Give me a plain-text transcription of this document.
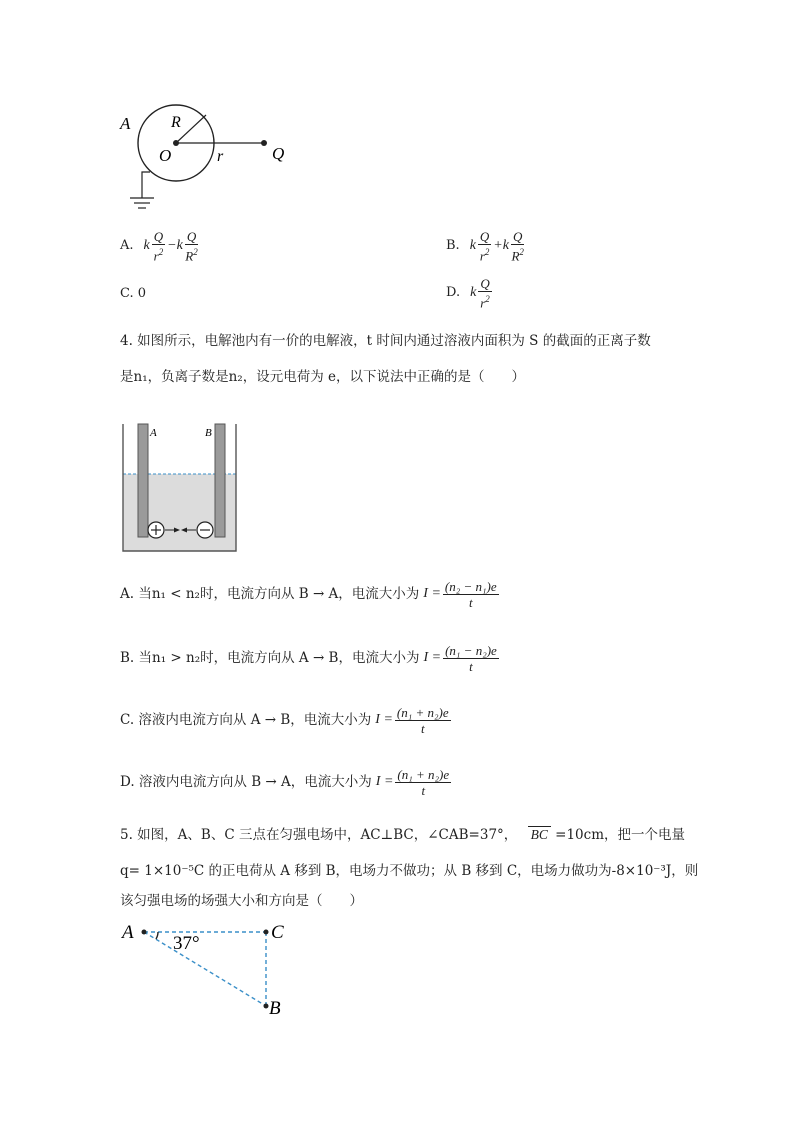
A	R
O	r	Q
A. k $\frac{Q}{r^2} -k \frac{Q}{R^2}$	B. k $\frac{Q}{r^2} +k \frac{Q}{R^2}$
C. 0	D. k $\frac{Q}{r^2}$
4. 如图所示，电解池内有一价的电解液，t 时间内通过溶液内面积为 S 的截面的正离子数
是n₁，负离子数是n₂，设元电荷为 e，以下说法中正确的是（　　）
A	B
A. 当n₁ < n₂时，电流方向从 B → A，电流大小为 $I = \frac{\text{(n₂ − n₁)e}}{t}$
B. 当n₁ > n₂时，电流方向从 A → B，电流大小为 $I = \frac{\text{(n₁ − n₂)e}}{t}$
C. 溶液内电流方向从 A → B，电流大小为 $I = \frac{\text{(n₁ + n₂)e}}{t}$
D. 溶液内电流方向从 B → A，电流大小为 $I = \frac{\text{(n₁ + n₂)e}}{t}$
5. 如图，A、B、C 三点在匀强电场中，AC⊥BC，∠CAB=37°， BC =10cm，把一个电量
q= 1×10⁻⁵C 的正电荷从 A 移到 B，电场力不做功；从 B 移到 C，电场力做功为-8×10⁻³J，则
该匀强电场的场强大小和方向是（　　）
A	C
B
37°
